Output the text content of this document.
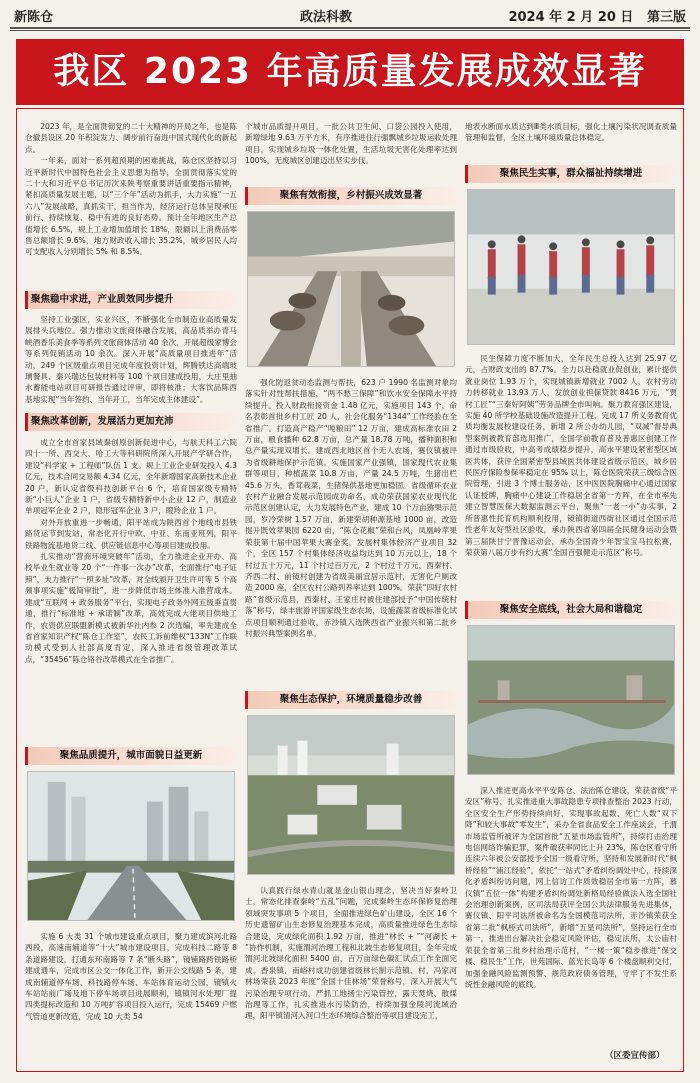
新陈仓	政法科教	2024 年 2 月 20 日 第三版
我区 2023 年高质量发展成效显著

2023 年，是全面贯彻党的二十大精神的开局之年，也是陈仓撤县设区 20 年积淀发力、阔步前行奋进中国式现代化的新起点。

一年来，面对一系列超预期的困难挑战，陈仓区坚持以习近平新时代中国特色社会主义思想为指导，全面贯彻落实党的二十大和习近平总书记历次来陕考察重要讲话重要指示精神，紧扣高质量发展主题，以“三个年”活动为抓手，大力实施“一五六八”发展战略，真抓实干，担当作为，经济运行总体呈现承压前行、持续恢复、稳中有进的良好态势。预计全年地区生产总值增长 6.5%，规上工业增加值增长 18%，限额以上消费品零售总额增长 9.6%，地方财政收入增长 35.2%，城乡居民人均可支配收入分别增长 5% 和 8.5%。

聚焦稳中求进，产业质效同步提升

坚持工业强区，实业兴区，不断强化全市制造业高质量发展排头兵地位。强力推动文旅商体融合发展，高品质举办青马峡酒香乐美食季等系列文旅商体活动 40 余次，开展超级家博会等系列促销活动 10 余次。深入开展“高质量项目推进年”活动，249 个区级重点项目完成年度投资计划，辉腾铁达高端玻璃餐具、秦兴瑞达包装材料等 100 个项目建成投用，大庄里抽水蓄能电站项目可研报告通过评审，即将核准；大客饮品陈西基地实现“当年签约、当年开工，当年完成主体建设”。

聚焦改革创新，发展活力更加充沛

成立全市首家县域秦创原创新促进中心，与航天科工六院四十一所、西交大、哈工大等科研院所深入开展产学研合作，建设“科学家 + 工程师”队伍 1 支。规上工业企业研发投入 4.3 亿元，技术合同交易额 4.34 亿元，全年新增国家高新技术企业 20 户，新认定省级科技创新平台 6 个，培育国家级专精特新“小巨人”企业 1 户，省级专精特新中小企业 12 户，制造业单项冠军企业 2 户，隐形冠军企业 3 户，瞪羚企业 1 户。

对外开放重进一步畅通，阳平站成为陕西首个地线市县铁路货运节到发站，常态化开行中欧、中亚、东南亚班列，阳平铁路物流基地货二线、供应链信息中心等项目建成投用。

扎实推动“营商环境突破年”活动，全力推进企业开办、高校毕业生就业等 20 个“一件事一次办”改革，全面推行“电子证照”，大力推行“一照多址”改革，对全线颁开卫生许可等 5 个高频事项实施“极简审批”，进一步降低市场主体准入准营成本。建成“互联网 + 政务服务”平台，实现电子政务外网五级垂直贯通，推行“标准地 + 承诺制”改革，高效完成大佬项目供地工作，农资供应联盟新模式被新华社内参 2 次选编，率先建成全省首家知识产权“陈仓工作室”，农民工诉前维权“133N”工作联动模式受到人社部高度肯定，深入推进省级管理改革试点，“35456”陈仓铬谷改革模式在全省推广。

聚焦品质提升，城市面貌日益更新

实施 6 大类 31 个城市建设重点项目，聚力建成滨河北路西段，高速南辅道等“十大”城市建设项目，完成科技二路等 8 条道路建设，打通东环南路等 7 条“断头路”，镜铺路跨铁路桥建成通车，完成市区公交一体化工作，新开公交线路 5 条，建成南辅道停车场、科技路停车场、车站体育运动公园，镜镇火车站站前广场及地下停车场项目进展顺利，镇镇河水处理厂提四类提标改造和 10 万吨扩容项目投入运行，完成 15469 户燃气管道更新改造，完成 10 大类 54

个城市品质提升项目，一批公共卫生间、口袋公园投入使用，新增绿地 9.63 万平方米，有序推进住行强飘城乡垃圾运收处理项目，实现城乡垃圾一体化处置，生活垃圾无害化处理率达到 100%，无废城区创建迈出坚实步伐。

聚焦有效衔接，乡村振兴成效显著

强化防返贫动态监测与帮扶，623 户 1990 名监测对象均落实针对性帮扶措施，“两不愁三保障”和饮水安全保障水平持续提升。投入财政衔接资金 1.48 亿元，实施项目 143 个，命名表彰首批乡村工匠 20 人，社会化服务“1344”工作经验在全省推广。打造高产稳产“吨粮田” 12 万亩，建成高标准农田 2 万亩，粮食播种 62.8 万亩，总产量 18.78 万吨，播种面积和总产量实现双增长。建成西北地区首个无人农场，赛仪镇被评为省级耕地保护示范镇。实施国家产业强镇，国家现代农业集群等项目，种植蔬菜 10.8 万亩，产量 24.5 万吨，生猪出栏 45.6 万头，香茸栽菜，生猪保供基地更加稳固。省级循环农业农村产业融合发展示范园成功命名，成功荣获国家农业现代化示范区创建认定，大力发展特色产业，建成 10 个万亩猕果示范园，岁冷荣树 1.57 万亩，新建荣胡种源基地 1000 亩，改造提升既效苹果园 6220 亩，“陈仓花椒”荣和台风，凤凰岭苹果荣获第十届中国苹果大赛金奖，发展村集体经济产业项目 32 个，全区 157 个村集体经济收益均达到 10 万元以上，18 个村过五十万元，11 个村过百万元，2 个村过千万元，西秦村、齐西二村、前镜村创建为省级美丽宜居示范村，无害化户厕改造 2000 座，全区农村公路列养率达到 100%。荣获“四好农村路”省级示范县，西秦村、王家庄村被住建部授予“中国传统村落”称号，绿丰旅游评国家级生态农场，设施蔬菜省级标准化试点项目顺利通过验收，赤沙镇入选陕西省产业振兴和第二批乡村振兴典型案例名单。

聚焦生态保护，环境质量稳步改善

认真践行绿水青山就是金山银山理念，坚决当好秦岭卫士，常态化排查秦岭“五乱”问题，完成秦岭生态环保修复治理领域突发事项 5 个项目，全面推进绿色矿山建设，全区 16 个历史遗留矿山生态修复治理基本完成，高质量推进绿色生态综合建设，完成绿化面积 1.92 万亩，推进“林长 + ”“河湖长 + ”协作机制，实施渭河治理工程和北坡生态修复项目，全年完成渭河北坡绿化面积 5400 亩，百万亩绿色碳汇试点工作全面完成。香泉镇，南峪村成功创建省级林长制示范镇、村，冯家河林场荣获 2023 年度“全国十佳林场”荣誉称号，深入开展大气污染治理专项行动，严抓工地扬尘污染管控，露天焚烧、散煤治理等工作，扎实推进水污染防治，持续加强金陵河流域治理，阳平镇清河入河口生态环境综合整治等项目建设完工，

地表水断面水质达到Ⅲ类水质目标，强化土壤污染状况调查质量管理和监督，全区土壤环境质量总体稳定。

聚焦民生实事，群众福祉持续增进

民生保障力度不断加大，全年民生总投入达到 25.97 亿元，占财政支出的 87.7%。全力以赴稳就业促创业，累计提供就业岗位 1.93 万个，实现城镇新增就业 7002 人，农村劳动力转移就业 13.93 万人，发放创业担保贷款 8416 万元，“贾村工匠”“三秦好阿姨”劳务品牌全市叫响。聚力教育强区建设，实施 40 所学校基础设施改造提升工程，完成 17 所义务教育优质均衡发展校建设任务，新增 2 所公办幼儿园，“双减”督导典型案例被教育部选用推广，全国学前教育普及普惠区创建工作通过市级验收，中高考成绩稳步提升，高水平建设紧密型区域医共体，获评全国紧密型县域医共体建设省级示范区，城乡居民医疗保险参保率稳定在 95% 以上，陈仓医院荣获三级综合医院管理，引进 3 个博士服务站，区中医医院胸痛中心通过国家认证授牌，胸痛中心建设工作稳居全省第一方阵，在全市率先建立智慧医保大数据监测云平台，聚焦“一老一小”办实事，2 所普惠性托育机构顺利投用，镜镇街道西街社区通过全国示范性老年友好型社区验收，承办陕西省第四届全民健身运动会暨第三届陕甘宁晋豫运动会，承办全国青少年智宝宝马拉松赛，荣获第八届万步有约大赛“全国百强健走示范区”称号。

聚焦安全底线，社会大局和谐稳定

深入推进更高水平平安陈仓、法治陈仓建设，荣获省级“平安区”称号，扎实推进重大事故隐患专项排查整治 2023 行动，全区安全生产形势持续向好，实现事故起数、死亡人数“双下降”和较大事故“零发生”，采办全省食品安全工作座谈会，千渭市场监管所被评为全国首批“五星市场监管所”，持续打击治理电信网络诈骗犯罪，案件破获率同比上升 23%，陈仓区看守所连续六年被公安部授予全国一级看守所，坚持和发展新时代“枫桥经验”“浦江经验”，依托“一站式”矛盾纠纷调处中心，持续深化矛盾纠纷访问题，网上信访工作质效稳居全市第一方阵，慕仪镇“五位一体”构建矛盾纠纷调处新格局经验做法入选全国社会治理创新案例，区司法局获评全国公共法律服务先进集体，赛仪镇、阳平司法所被命名为全国模范司法所，赤沙镇荣获全省第二批“枫桥式司法所”，新增“五星司法所”，坚持运行全市第一，推进出台解决社会稳定风险评估，稳定法所，太公庙村荣获全省第三批乡村治理示范村，“一楼一策”稳步推进“保交楼、稳民生”工作，世苑国际、蓝光长岛等 6 个楼盘顺利交付，加强金融风险监测预警、规范政府债务管理，守牢了不发生系统性金融风险的底线。

（区委宣传部）
